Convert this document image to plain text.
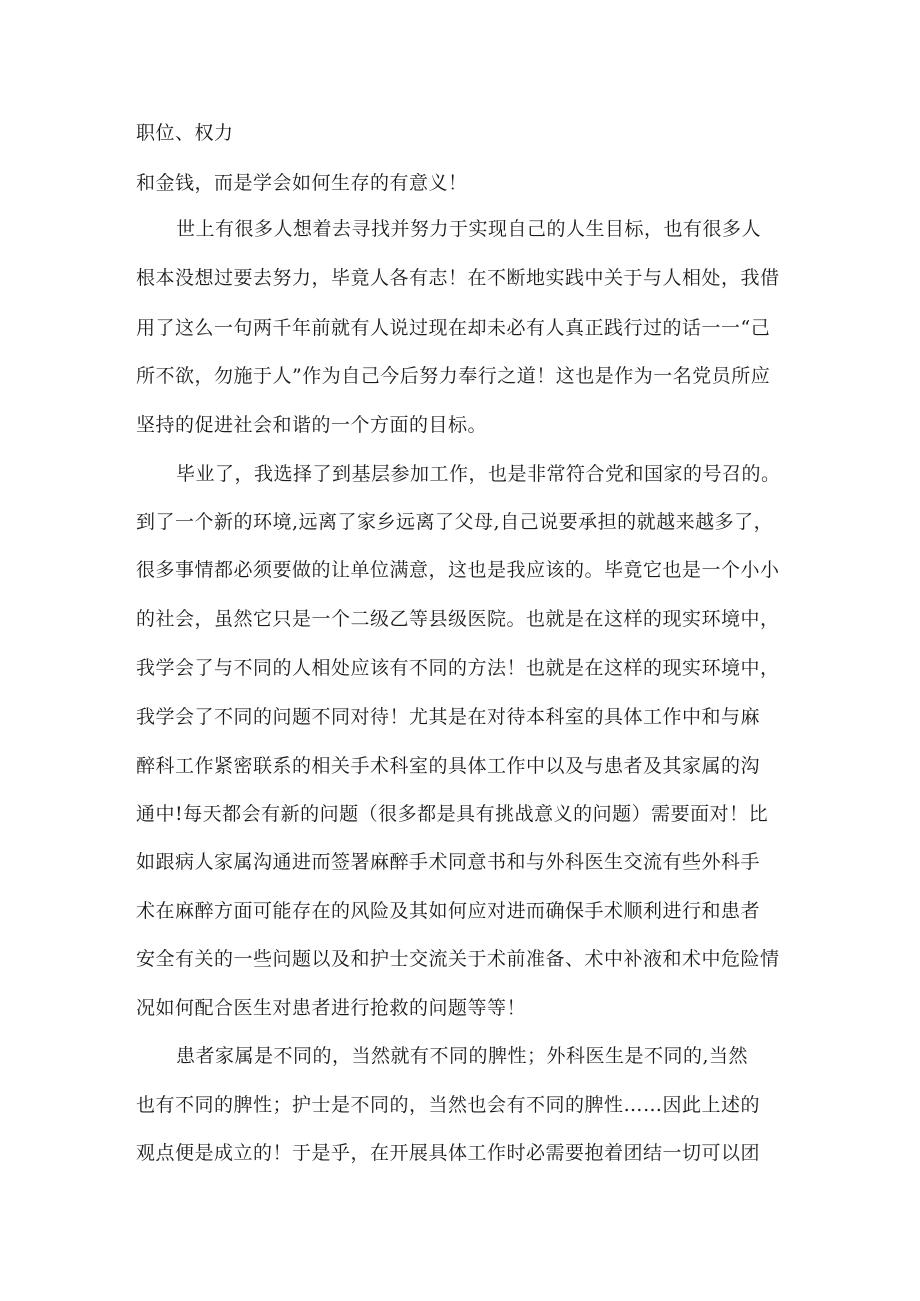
职位、权力
和金钱，而是学会如何生存的有意义！
世上有很多人想着去寻找并努力于实现自己的人生目标，也有很多人
根本没想过要去努力，毕竟人各有志！在不断地实践中关于与人相处，我借
用了这么一句两千年前就有人说过现在却未必有人真正践行过的话一一“己
所不欲，勿施于人”作为自己今后努力奉行之道！这也是作为一名党员所应
坚持的促进社会和谐的一个方面的目标。
毕业了，我选择了到基层参加工作，也是非常符合党和国家的号召的。
到了一个新的环境,远离了家乡远离了父母,自己说要承担的就越来越多了，
很多事情都必须要做的让单位满意，这也是我应该的。毕竟它也是一个小小
的社会，虽然它只是一个二级乙等县级医院。也就是在这样的现实环境中，
我学会了与不同的人相处应该有不同的方法！也就是在这样的现实环境中，
我学会了不同的问题不同对待！尤其是在对待本科室的具体工作中和与麻
醉科工作紧密联系的相关手术科室的具体工作中以及与患者及其家属的沟
通中!每天都会有新的问题（很多都是具有挑战意义的问题）需要面对！比
如跟病人家属沟通进而签署麻醉手术同意书和与外科医生交流有些外科手
术在麻醉方面可能存在的风险及其如何应对进而确保手术顺利进行和患者
安全有关的一些问题以及和护士交流关于术前准备、术中补液和术中危险情
况如何配合医生对患者进行抢救的问题等等！
患者家属是不同的，当然就有不同的脾性；外科医生是不同的,当然
也有不同的脾性；护士是不同的，当然也会有不同的脾性……因此上述的
观点便是成立的！于是乎，在开展具体工作时必需要抱着团结一切可以团
